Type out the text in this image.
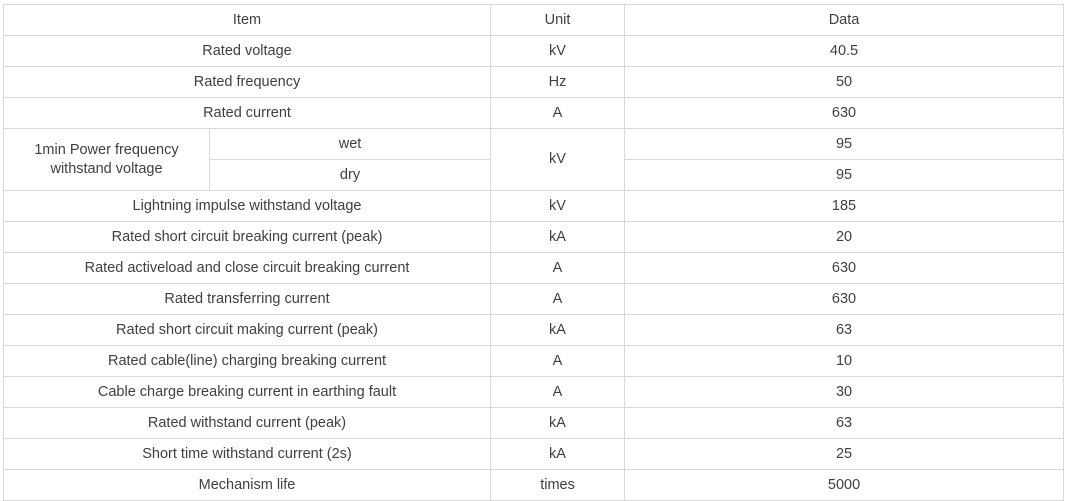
Item		Unit	Data
Rated voltage		kV	40.5
Rated frequency		Hz	50
Rated current		A	630
1min Power frequency
withstand voltage	wet	kV	95
	dry		95
Lightning impulse withstand voltage		kV	185
Rated short circuit breaking current (peak)		kA	20
Rated activeload and close circuit breaking current		A	630
Rated transferring current		A	630
Rated short circuit making current (peak)		kA	63
Rated cable(line) charging breaking current		A	10
Cable charge breaking current in earthing fault		A	30
Rated withstand current (peak)		kA	63
Short time withstand current (2s)		kA	25
Mechanism life		times	5000
